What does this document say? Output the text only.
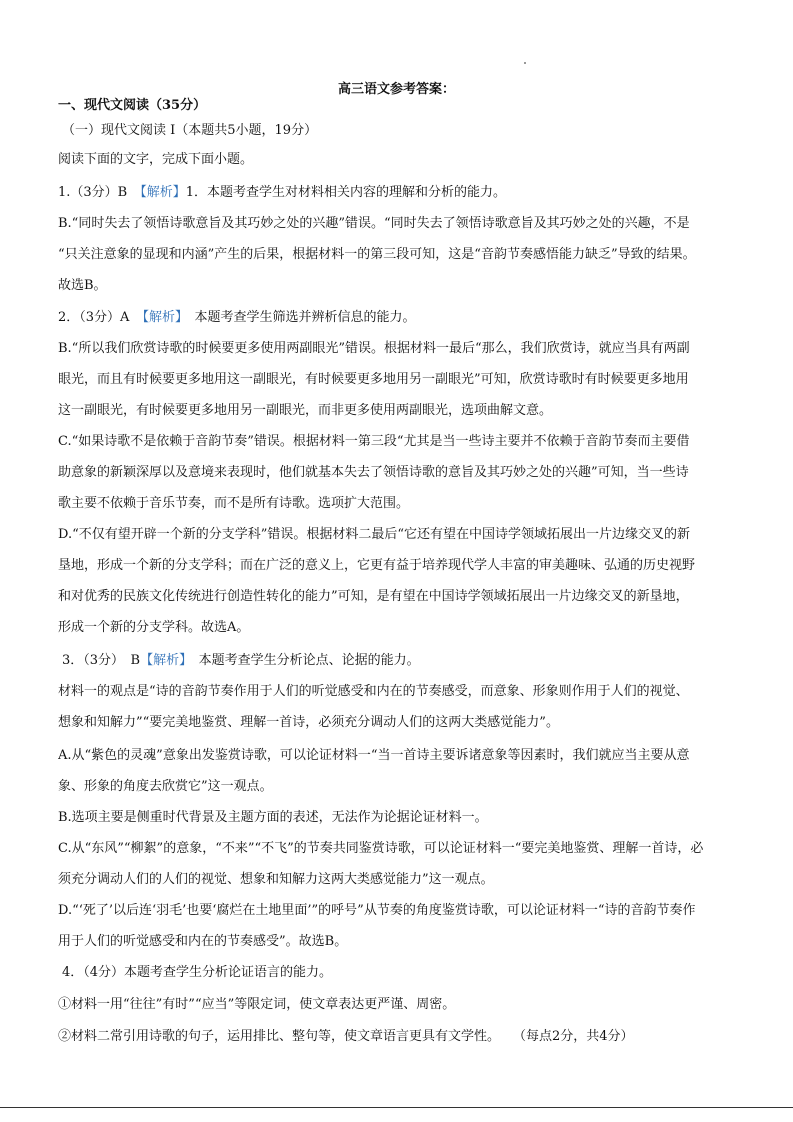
高三语文参考答案：
一、现代文阅读（35分）
（一）现代文阅读 Ⅰ（本题共5小题，19分）
阅读下面的文字，完成下面小题。
1.（3分）B　【解析】1．本题考查学生对材料相关内容的理解和分析的能力。
B.“同时失去了领悟诗歌意旨及其巧妙之处的兴趣”错误。“同时失去了领悟诗歌意旨及其巧妙之处的兴趣，不是
“只关注意象的显现和内涵”产生的后果，根据材料一的第三段可知，这是“音韵节奏感悟能力缺乏”导致的结果。
故选B。
2．（3分）A　【解析】　本题考查学生筛选并辨析信息的能力。
B.“所以我们欣赏诗歌的时候要更多使用两副眼光”错误。根据材料一最后“那么，我们欣赏诗，就应当具有两副
眼光，而且有时候要更多地用这一副眼光，有时候要更多地用另一副眼光”可知，欣赏诗歌时有时候要更多地用
这一副眼光，有时候要更多地用另一副眼光，而非更多使用两副眼光，选项曲解文意。
C.“如果诗歌不是依赖于音韵节奏”错误。根据材料一第三段“尤其是当一些诗主要并不依赖于音韵节奏而主要借
助意象的新颖深厚以及意境来表现时，他们就基本失去了领悟诗歌的意旨及其巧妙之处的兴趣”可知，当一些诗
歌主要不依赖于音乐节奏，而不是所有诗歌。选项扩大范围。
D.“不仅有望开辟一个新的分支学科”错误。根据材料二最后“它还有望在中国诗学领域拓展出一片边缘交叉的新
垦地，形成一个新的分支学科；而在广泛的意义上，它更有益于培养现代学人丰富的审美趣味、弘通的历史视野
和对优秀的民族文化传统进行创造性转化的能力”可知，是有望在中国诗学领域拓展出一片边缘交叉的新垦地，
形成一个新的分支学科。故选A。
3．（3分）　B【解析】　本题考查学生分析论点、论据的能力。
材料一的观点是“诗的音韵节奏作用于人们的听觉感受和内在的节奏感受，而意象、形象则作用于人们的视觉、
想象和知解力”“要完美地鉴赏、理解一首诗，必须充分调动人们的这两大类感觉能力”。
A.从“紫色的灵魂”意象出发鉴赏诗歌，可以论证材料一“当一首诗主要诉诸意象等因素时，我们就应当主要从意
象、形象的角度去欣赏它”这一观点。
B.选项主要是侧重时代背景及主题方面的表述，无法作为论据论证材料一。
C.从“东风”“柳絮”的意象，“不来”“不飞”的节奏共同鉴赏诗歌，可以论证材料一“要完美地鉴赏、理解一首诗，必
须充分调动人们的人们的视觉、想象和知解力这两大类感觉能力”这一观点。
D.“‘死了’以后连‘羽毛’也要‘腐烂在土地里面’”的呼号”从节奏的角度鉴赏诗歌，可以论证材料一“诗的音韵节奏作
用于人们的听觉感受和内在的节奏感受”。故选B。
4．（4分）本题考查学生分析论证语言的能力。
①材料一用“往往”有时”“应当”等限定词，使文章表达更严谨、周密。
②材料二常引用诗歌的句子，运用排比、整句等，使文章语言更具有文学性。　　（每点2分，共4分）
